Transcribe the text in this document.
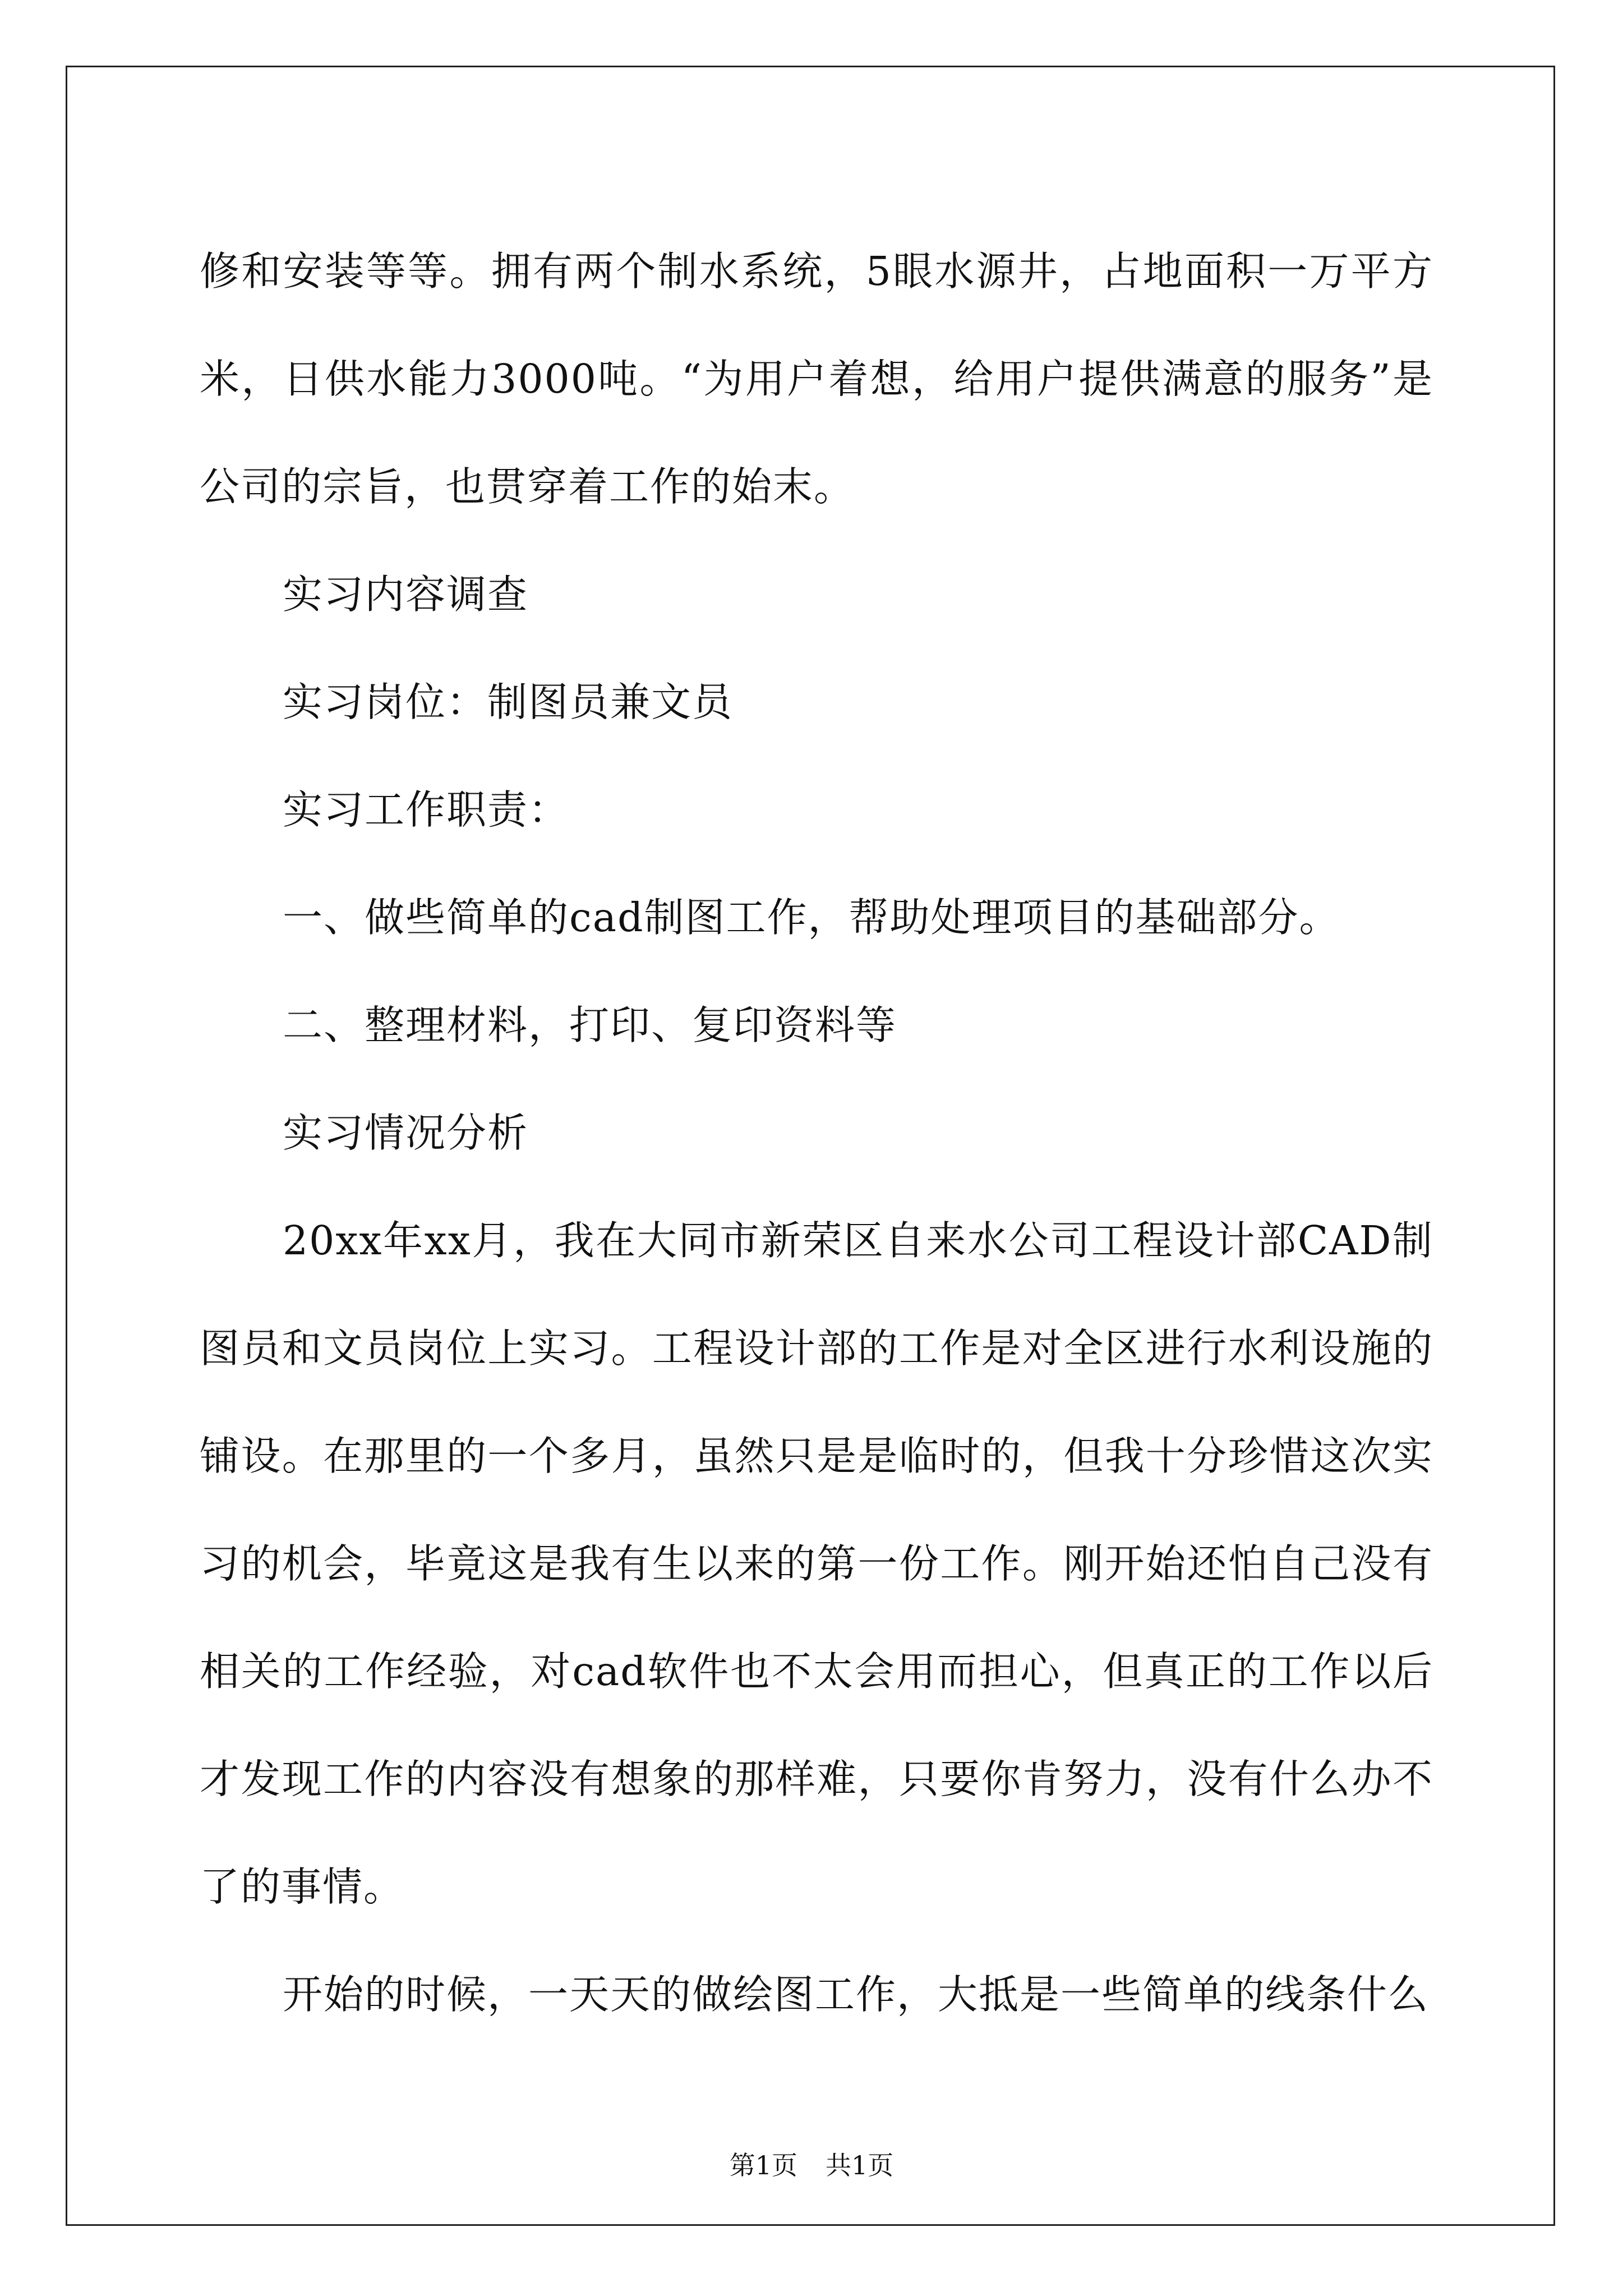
修和安装等等。拥有两个制水系统，5眼水源井，占地面积一万平方米，日供水能力3000吨。“为用户着想，给用户提供满意的服务”是公司的宗旨，也贯穿着工作的始末。

实习内容调查

实习岗位：制图员兼文员

实习工作职责：

一、做些简单的cad制图工作，帮助处理项目的基础部分。

二、整理材料，打印、复印资料等

实习情况分析

20xx年xx月，我在大同市新荣区自来水公司工程设计部CAD制图员和文员岗位上实习。工程设计部的工作是对全区进行水利设施的铺设。在那里的一个多月，虽然只是是临时的，但我十分珍惜这次实习的机会，毕竟这是我有生以来的第一份工作。刚开始还怕自己没有相关的工作经验，对cad软件也不太会用而担心，但真正的工作以后才发现工作的内容没有想象的那样难，只要你肯努力，没有什么办不了的事情。

开始的时候，一天天的做绘图工作，大抵是一些简单的线条什么

第1页 共1页
